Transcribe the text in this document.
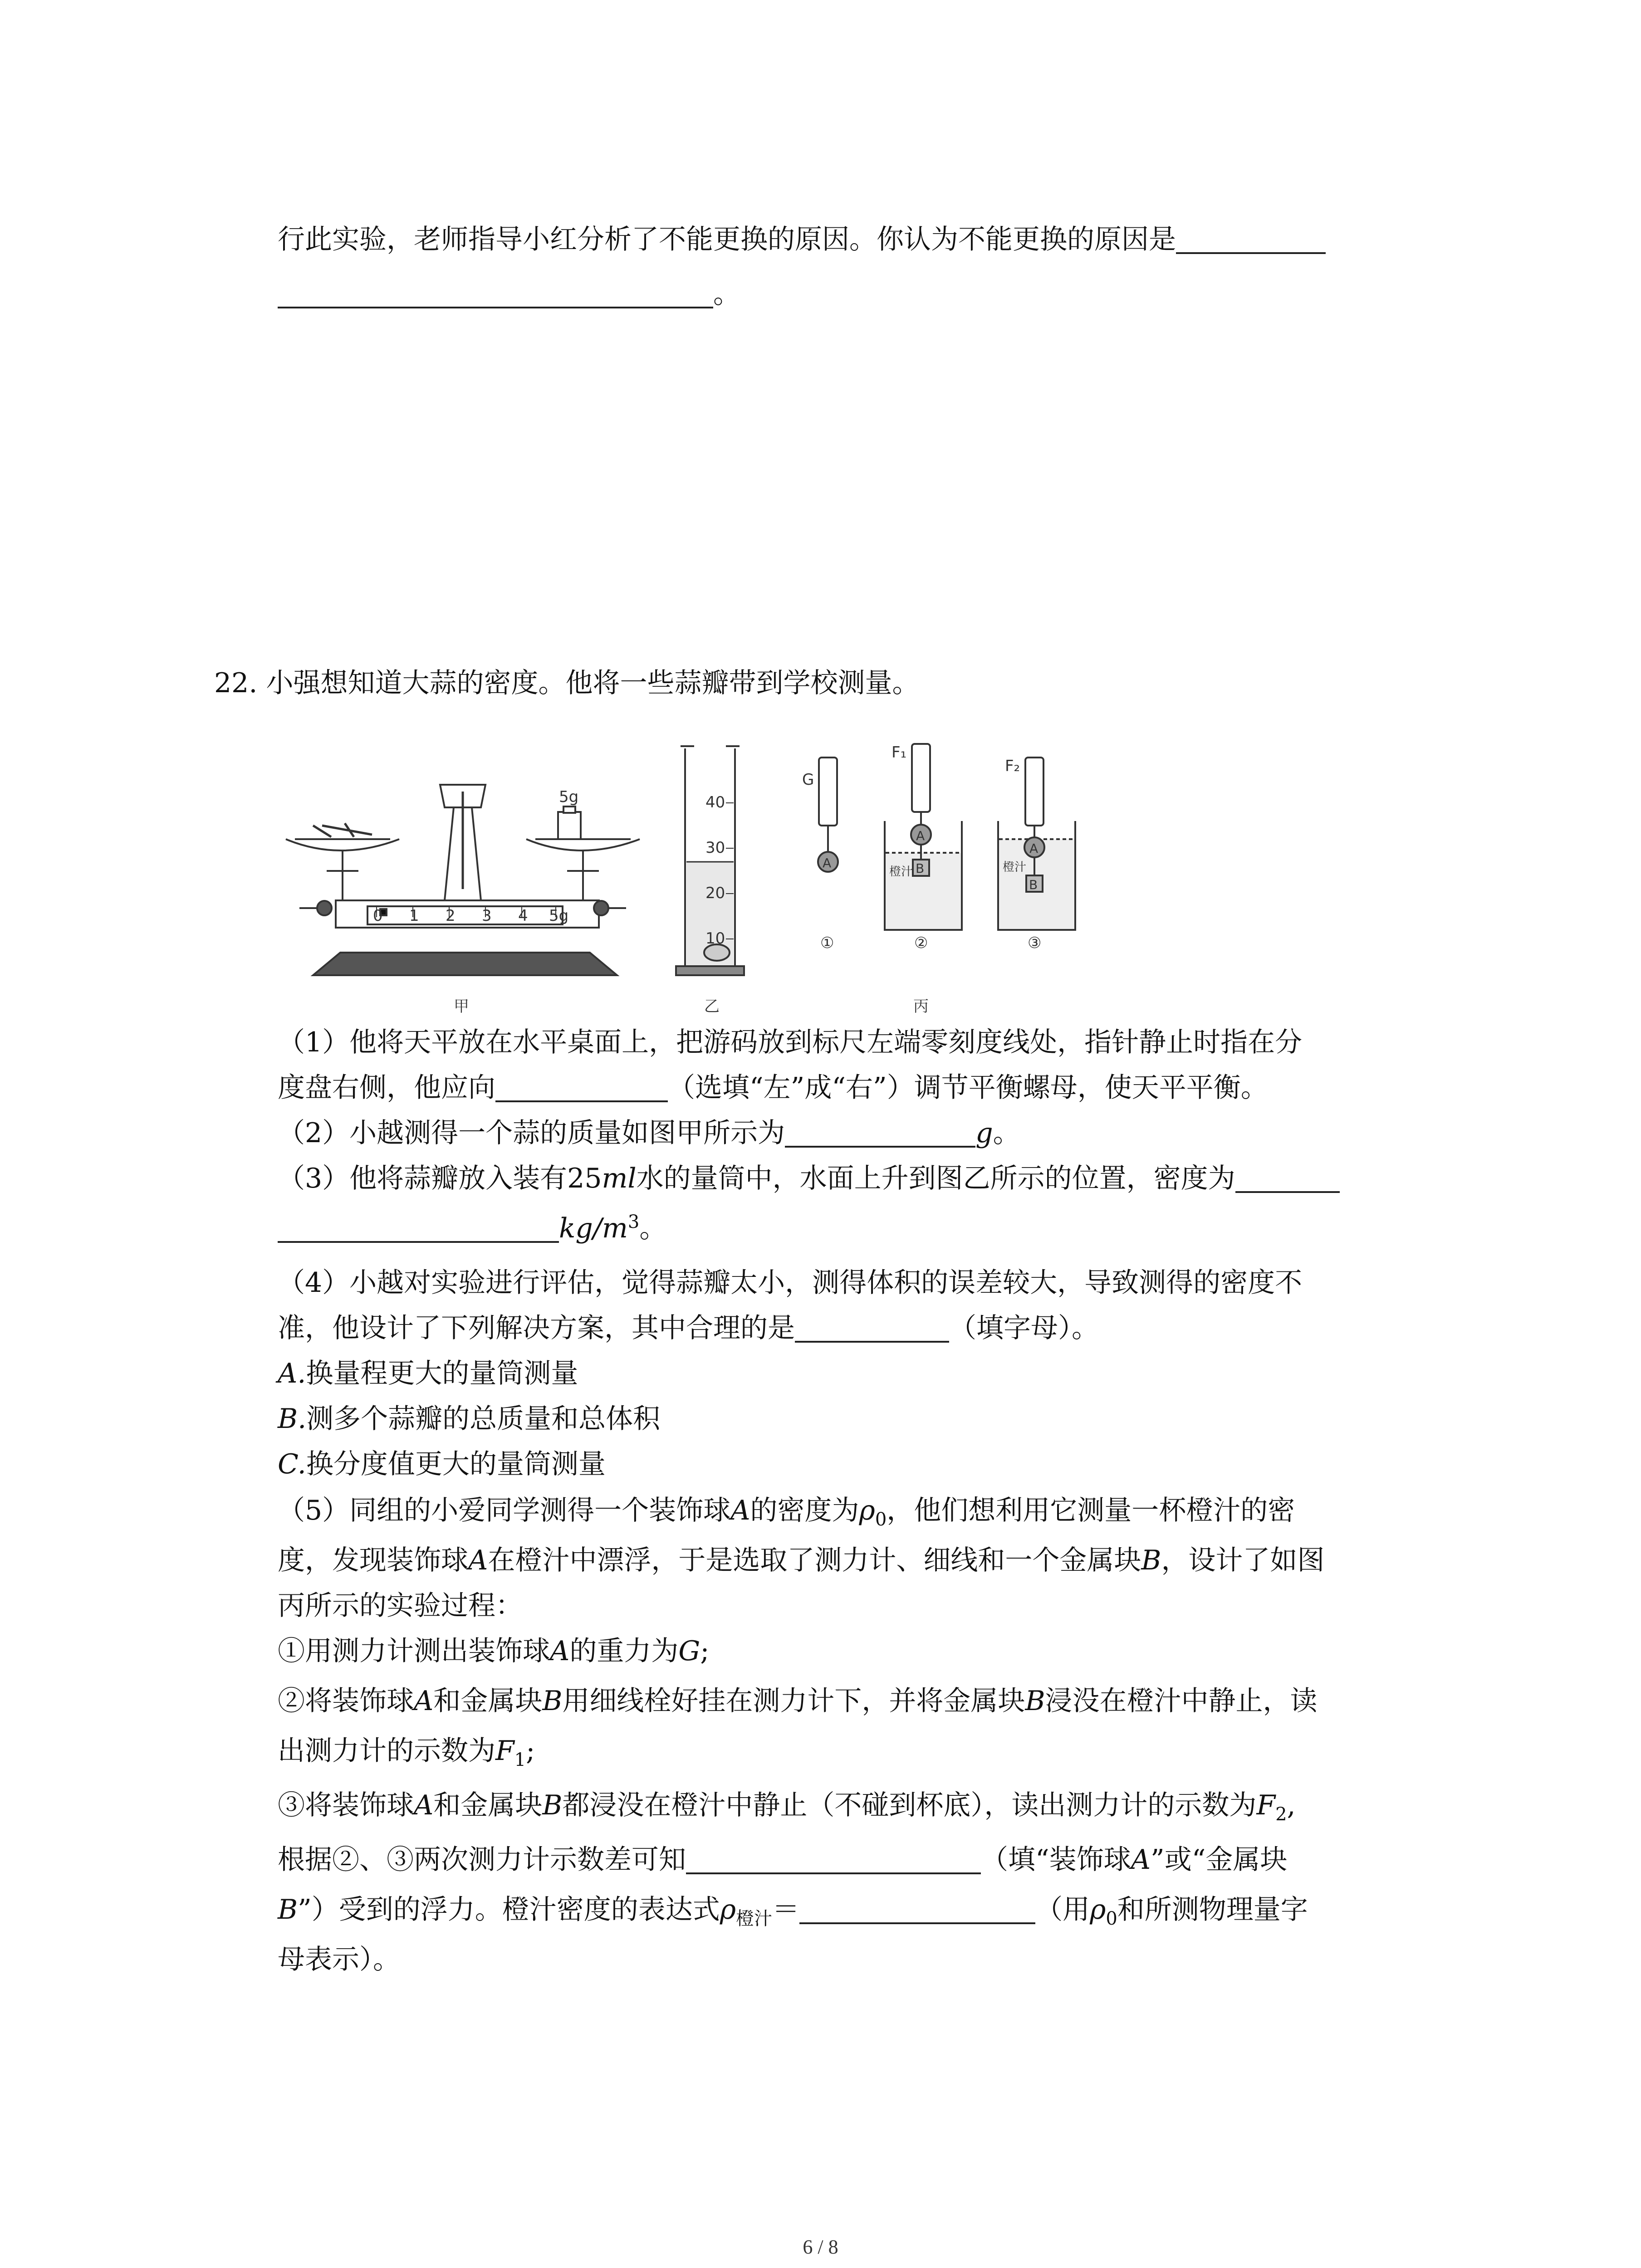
行此实验，老师指导小红分析了不能更换的原因。你认为不能更换的原因是
。
22. 小强想知道大蒜的密度。他将一些蒜瓣带到学校测量。
0 1 2 3 4 5g
5g
甲
40
30
20
10
乙
G
A
①
F₁
A
B
橙汁
②
丙
F₂
A
B
橙汁
③
（1）他将天平放在水平桌面上，把游码放到标尺左端零刻度线处，指针静止时指在分
度盘右侧，他应向	（选填“左”成“右”）调节平衡螺母，使天平平衡。
（2）小越测得一个蒜的质量如图甲所示为	g。
（3）他将蒜瓣放入装有25ml水的量筒中，水面上升到图乙所示的位置，密度为
$kg/m^3$。
（4）小越对实验进行评估，觉得蒜瓣太小，测得体积的误差较大，导致测得的密度不
准，他设计了下列解决方案，其中合理的是	（填字母）。
A.换量程更大的量筒测量
B.测多个蒜瓣的总质量和总体积
C.换分度值更大的量筒测量
（5）同组的小爱同学测得一个装饰球A的密度为$\rho_0$，他们想利用它测量一杯橙汁的密
度，发现装饰球A在橙汁中漂浮，于是选取了测力计、细线和一个金属块B，设计了如图
丙所示的实验过程：
①用测力计测出装饰球A的重力为G;
②将装饰球A和金属块B用细线栓好挂在测力计下，并将金属块B浸没在橙汁中静止，读
出测力计的示数为$F_1$;
③将装饰球A和金属块B都浸没在橙汁中静止（不碰到杯底），读出测力计的示数为$F_2$,
根据②、③两次测力计示数差可知	（填“装饰球A”或“金属块
B”）受到的浮力。橙汁密度的表达式$\rho_{橙汁}=$	（用$\rho_0$和所测物理量字
母表示）。
6 / 8
